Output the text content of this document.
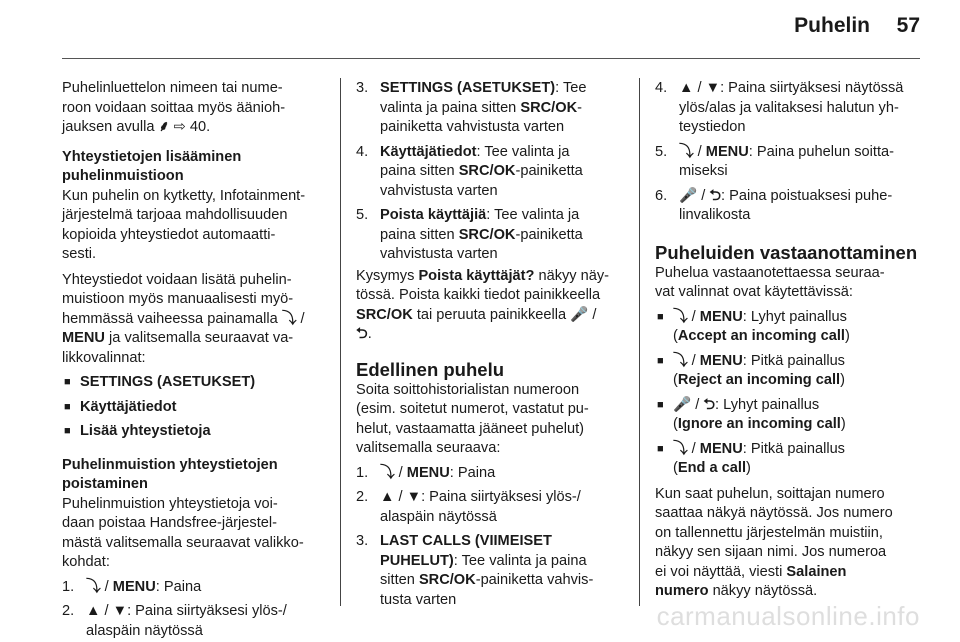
Puhelin 57

Puhelinluettelon nimeen tai nume-
roon voidaan soittaa myös äänioh-
jauksen avulla ⸙ ⇨ 40.

Yhteystietojen lisääminen
puhelinmuistioon

Kun puhelin on kytketty, Infotainment-
järjestelmä tarjoaa mahdollisuuden
kopioida yhteystiedot automaatti-
sesti.

Yhteystiedot voidaan lisätä puhelin-
muistioon myös manuaalisesti myö-
hemmässä vaiheessa painamalla ⤵ /
MENU ja valitsemalla seuraavat va-
likkovalinnat:

■ SETTINGS (ASETUKSET)
■ Käyttäjätiedot
■ Lisää yhteystietoja

Puhelinmuistion yhteystietojen
poistaminen

Puhelinmuistion yhteystietoja voi-
daan poistaa Handsfree-järjestel-
mästä valitsemalla seuraavat valikko-
kohdat:

1. ⤵ / MENU: Paina
2. ▲ / ▼: Paina siirtyäksesi ylös-/
alaspäin näytössä
3. SETTINGS (ASETUKSET): Tee
valinta ja paina sitten SRC/OK-
painiketta vahvistusta varten
4. Käyttäjätiedot: Tee valinta ja
paina sitten SRC/OK-painiketta
vahvistusta varten
5. Poista käyttäjiä: Tee valinta ja
paina sitten SRC/OK-painiketta
vahvistusta varten

Kysymys Poista käyttäjät? näkyy näy-
tössä. Poista kaikki tiedot painikkeella
SRC/OK tai peruuta painikkeella 🎤 /
⮌.

Edellinen puhelu

Soita soittohistorialistan numeroon
(esim. soitetut numerot, vastatut pu-
helut, vastaamatta jääneet puhelut)
valitsemalla seuraava:

1. ⤵ / MENU: Paina
2. ▲ / ▼: Paina siirtyäksesi ylös-/
alaspäin näytössä
3. LAST CALLS (VIIMEISET
PUHELUT): Tee valinta ja paina
sitten SRC/OK-painiketta vahvis-
tusta varten
4. ▲ / ▼: Paina siirtyäksesi näytössä
ylös/alas ja valitaksesi halutun yh-
teystiedon
5. ⤵ / MENU: Paina puhelun soitta-
miseksi
6. 🎤 / ⮌: Paina poistuaksesi puhe-
linvalikosta

Puheluiden vastaanottaminen

Puhelua vastaanotettaessa seuraa-
vat valinnat ovat käytettävissä:

■ ⤵ / MENU: Lyhyt painallus
(Accept an incoming call)
■ ⤵ / MENU: Pitkä painallus
(Reject an incoming call)
■ 🎤 / ⮌: Lyhyt painallus
(Ignore an incoming call)
■ ⤵ / MENU: Pitkä painallus
(End a call)

Kun saat puhelun, soittajan numero
saattaa näkyä näytössä. Jos numero
on tallennettu järjestelmän muistiin,
näkyy sen sijaan nimi. Jos numeroa
ei voi näyttää, viesti Salainen
numero näkyy näytössä.

carmanualsonline.info
